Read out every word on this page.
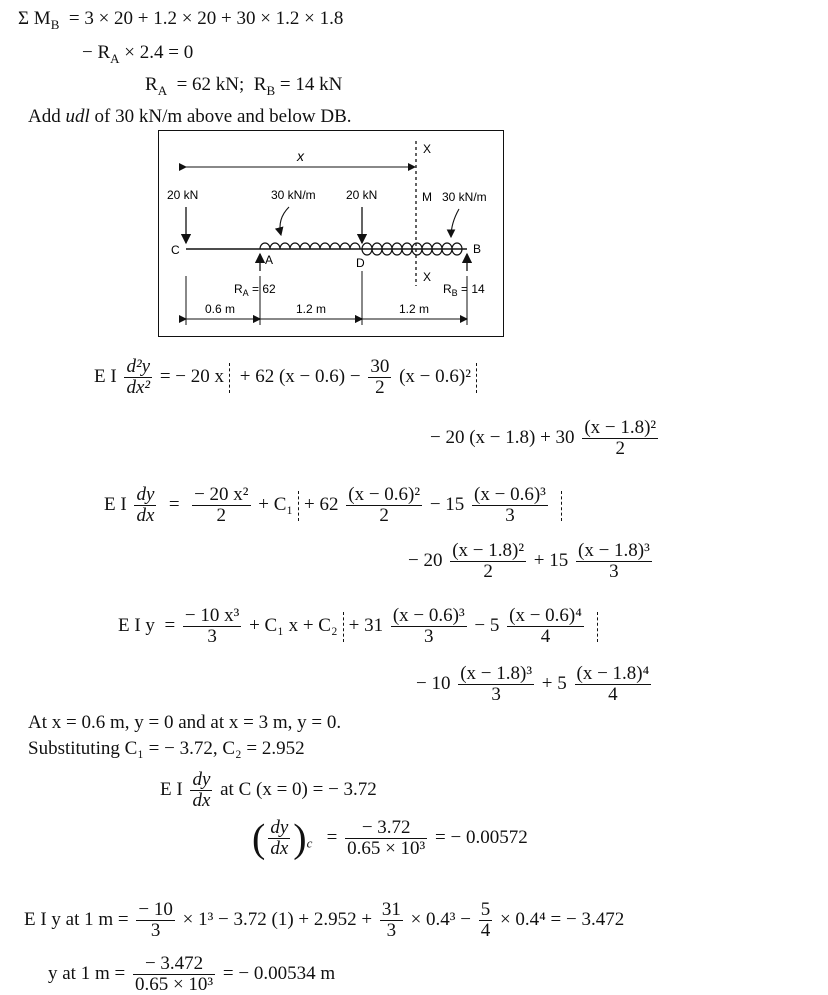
Σ $M_B = 3 \times 20 + 1.2 \times 20 + 30 \times 1.2 \times 1.8$
− $R_A \times 2.4 = 0$
$R_A = 62$ kN; $R_B = 14$ kN
Add udl of 30 kN/m above and below DB.
x	X
X
M
20 kN	30 kN/m	20 kN	30 kN/m
C
A	D
B
$R_A = 62$	$R_B = 14$
0.6 m	1.2 m	1.2 m
E I $\frac{\text{d²y}}{\text{dx²}}$ = − 20 x + 62 $(x - 0.6) - \frac{30}{2} (x - 0.6)^2$
− 20 $(x - 1.8) + 30 \frac{\text{(x − 1.8)²}}{2}$
E I $\frac{dy}{dx} = \frac{\text{− 20 x²}}{2} + C_1 + 62 \frac{\text{(x − 0.6)²}}{2} - 15 \frac{\text{(x − 0.6)³}}{3}$

− $20 \frac{\text{(x − 1.8)²}}{2} + 15 \frac{\text{(x − 1.8)³}}{3}$
E I $y = \frac{\text{− 10 x³}}{3} + C_1$ $x + C_2 + 31 \frac{\text{(x − 0.6)³}}{3} - 5 \frac{\text{(x − 0.6)⁴}}{4}$

− $10 \frac{\text{(x − 1.8)³}}{3} + 5 \frac{\text{(x − 1.8)⁴}}{4}$
At x = 0.6 m, y = 0 and at x = 3 m, y = 0.
Substituting C₁ = − 3.72, C₂ = 2.952
E I $\frac{dy}{dx}$ at C (x = 0) = − 3.72
( $\frac{dy}{dx} )_c = \frac{- 3.72}{\text{0.65 × 10³}}$ = − 0.00572
E I y at 1 $m = \frac{- 10}{3} \times 1^3 - 3.72$ $(1) + 2.952 + \frac{31}{3} \times 0.4^3 - \frac{5}{4} \times 0.4^4$ = − 3.472
y at 1 $m = \frac{- 3.472}{\text{0.65 × 10³}}$ = − 0.00534 m
